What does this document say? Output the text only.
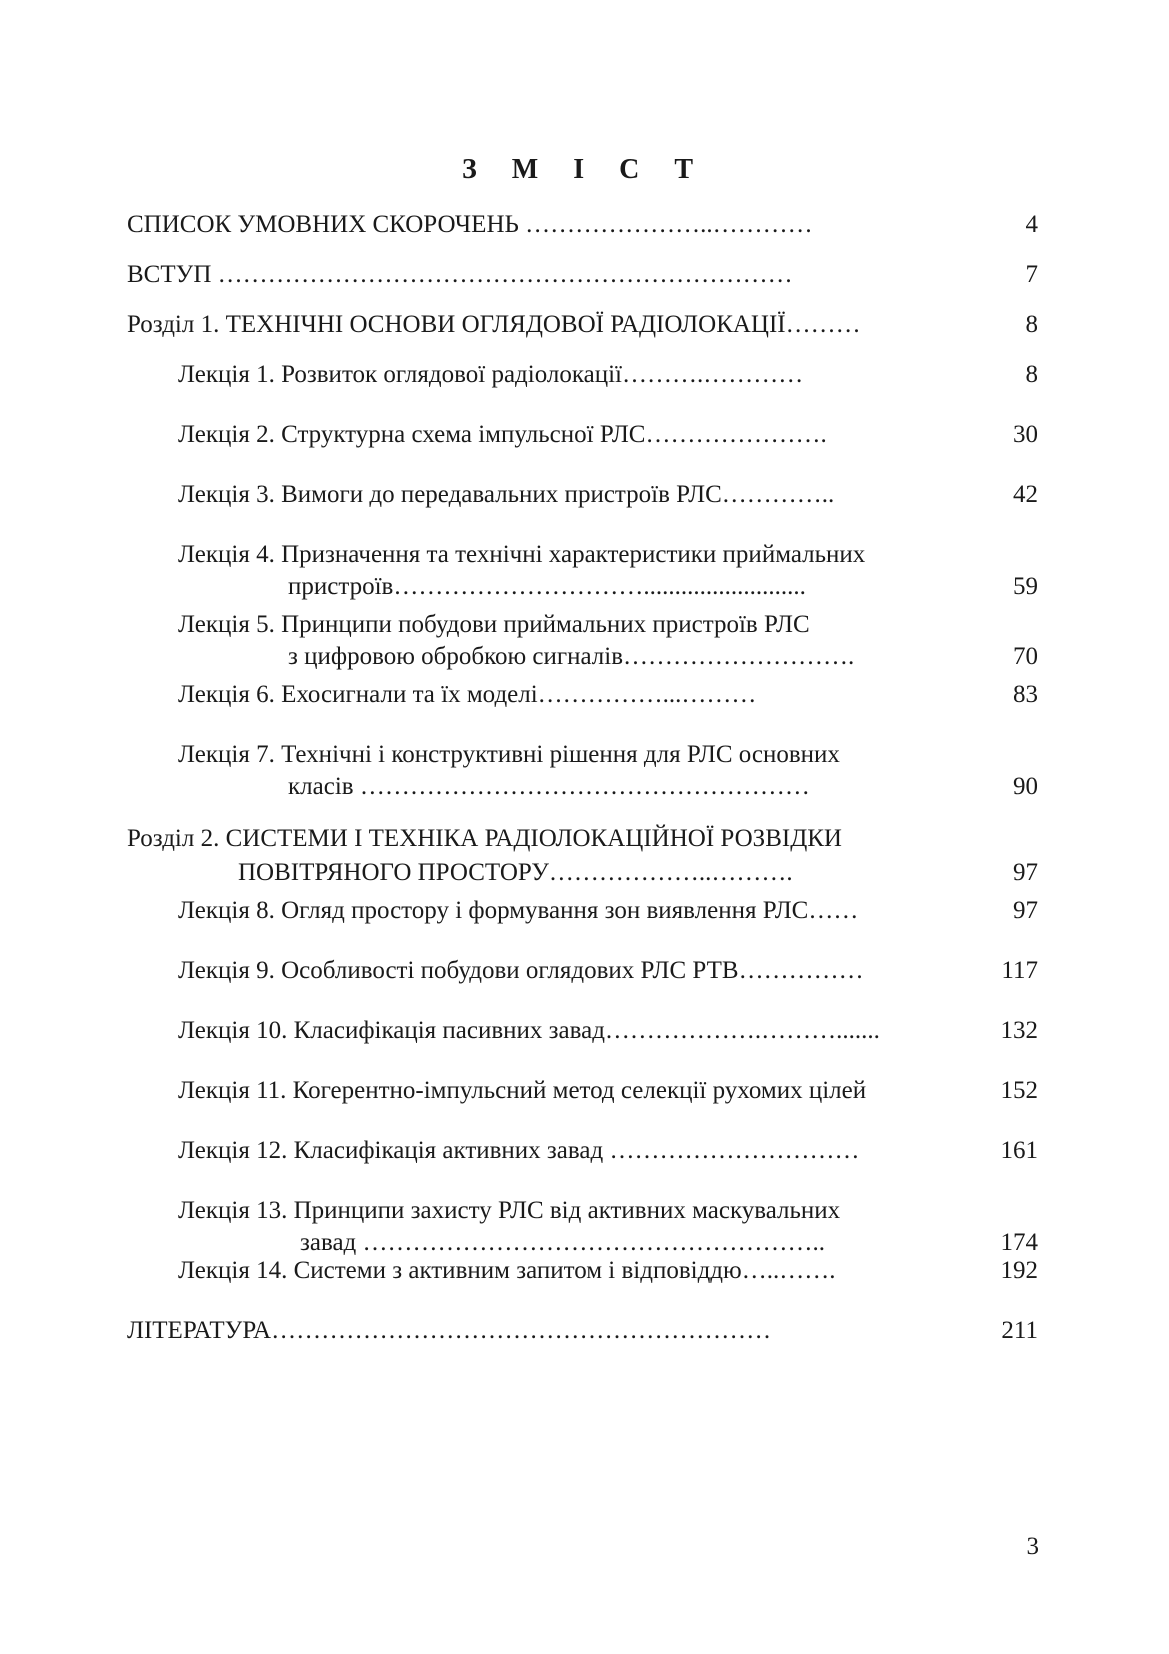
З М І С Т
СПИСОК УМОВНИХ СКОРОЧЕНЬ …………………..…………	4
ВСТУП ……………………………………………………………	7
Розділ 1. ТЕХНІЧНІ ОСНОВИ ОГЛЯДОВОЇ РАДІОЛОКАЦІЇ………	8
Лекція 1. Розвиток оглядової радіолокації……….…………	8
Лекція 2. Структурна схема імпульсної РЛС………………….	30
Лекція 3. Вимоги до передавальних пристроїв РЛС…………..	42
Лекція 4. Призначення та технічні характеристики приймальних
пристроїв…………………………..........................	59
Лекція 5. Принципи побудови приймальних пристроїв РЛС
з цифровою обробкою сигналів……………………….	70
Лекція 6. Ехосигнали та їх моделі……………...………	83
Лекція 7. Технічні і конструктивні рішення для РЛС основних
класів ………………………………………………	90
Розділ 2. СИСТЕМИ І ТЕХНІКА РАДІОЛОКАЦІЙНОЇ РОЗВІДКИ
ПОВІТРЯНОГО ПРОСТОРУ………………..……….	97
Лекція 8. Огляд простору і формування зон виявлення РЛС……	97
Лекція 9. Особливості побудови оглядових РЛС РТВ……………	117
Лекція 10. Класифікація пасивних завад……………….……….......	132
Лекція 11. Когерентно-імпульсний метод селекції рухомих цілей	152
Лекція 12. Класифікація активних завад …………………………	161
Лекція 13. Принципи захисту РЛС від активних маскувальних
завад ………………………………………………..	174
Лекція 14. Системи з активним запитом і відповіддю…..…….	192
ЛІТЕРАТУРА……………………………………………………	211
3
